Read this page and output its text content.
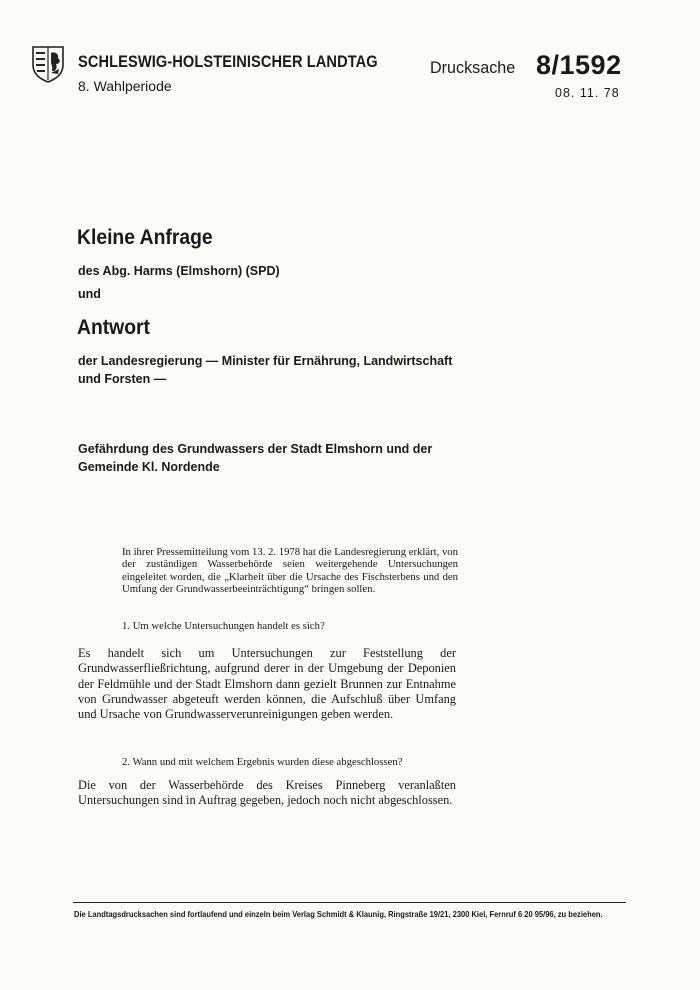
SCHLESWIG-HOLSTEINISCHER LANDTAG
8. Wahlperiode
Drucksache 8/1592
08. 11. 78
Kleine Anfrage
des Abg. Harms (Elmshorn) (SPD)
und
Antwort
der Landesregierung — Minister für Ernährung, Landwirtschaft und Forsten —
Gefährdung des Grundwassers der Stadt Elmshorn und der Gemeinde Kl. Nordende
In ihrer Pressemitteilung vom 13. 2. 1978 hat die Landesregierung erklärt, von der zuständigen Wasserbehörde seien weitergehende Untersuchungen eingeleitet worden, die „Klarheit über die Ursache des Fischsterbens und den Umfang der Grundwasserbeeinträchtigung“ bringen sollen.
1. Um welche Untersuchungen handelt es sich?
Es handelt sich um Untersuchungen zur Feststellung der Grundwasserfließrichtung, aufgrund derer in der Umgebung der Deponien der Feldmühle und der Stadt Elmshorn dann gezielt Brunnen zur Entnahme von Grundwasser abgeteuft werden können, die Aufschluß über Umfang und Ursache von Grundwasserverunreinigungen geben werden.
2. Wann und mit welchem Ergebnis wurden diese abgeschlossen?
Die von der Wasserbehörde des Kreises Pinneberg veranlaßten Untersuchungen sind in Auftrag gegeben, jedoch noch nicht abgeschlossen.
Die Landtagsdrucksachen sind fortlaufend und einzeln beim Verlag Schmidt & Klaunig, Ringstraße 19/21, 2300 Kiel, Fernruf 6 20 95/96, zu beziehen.
